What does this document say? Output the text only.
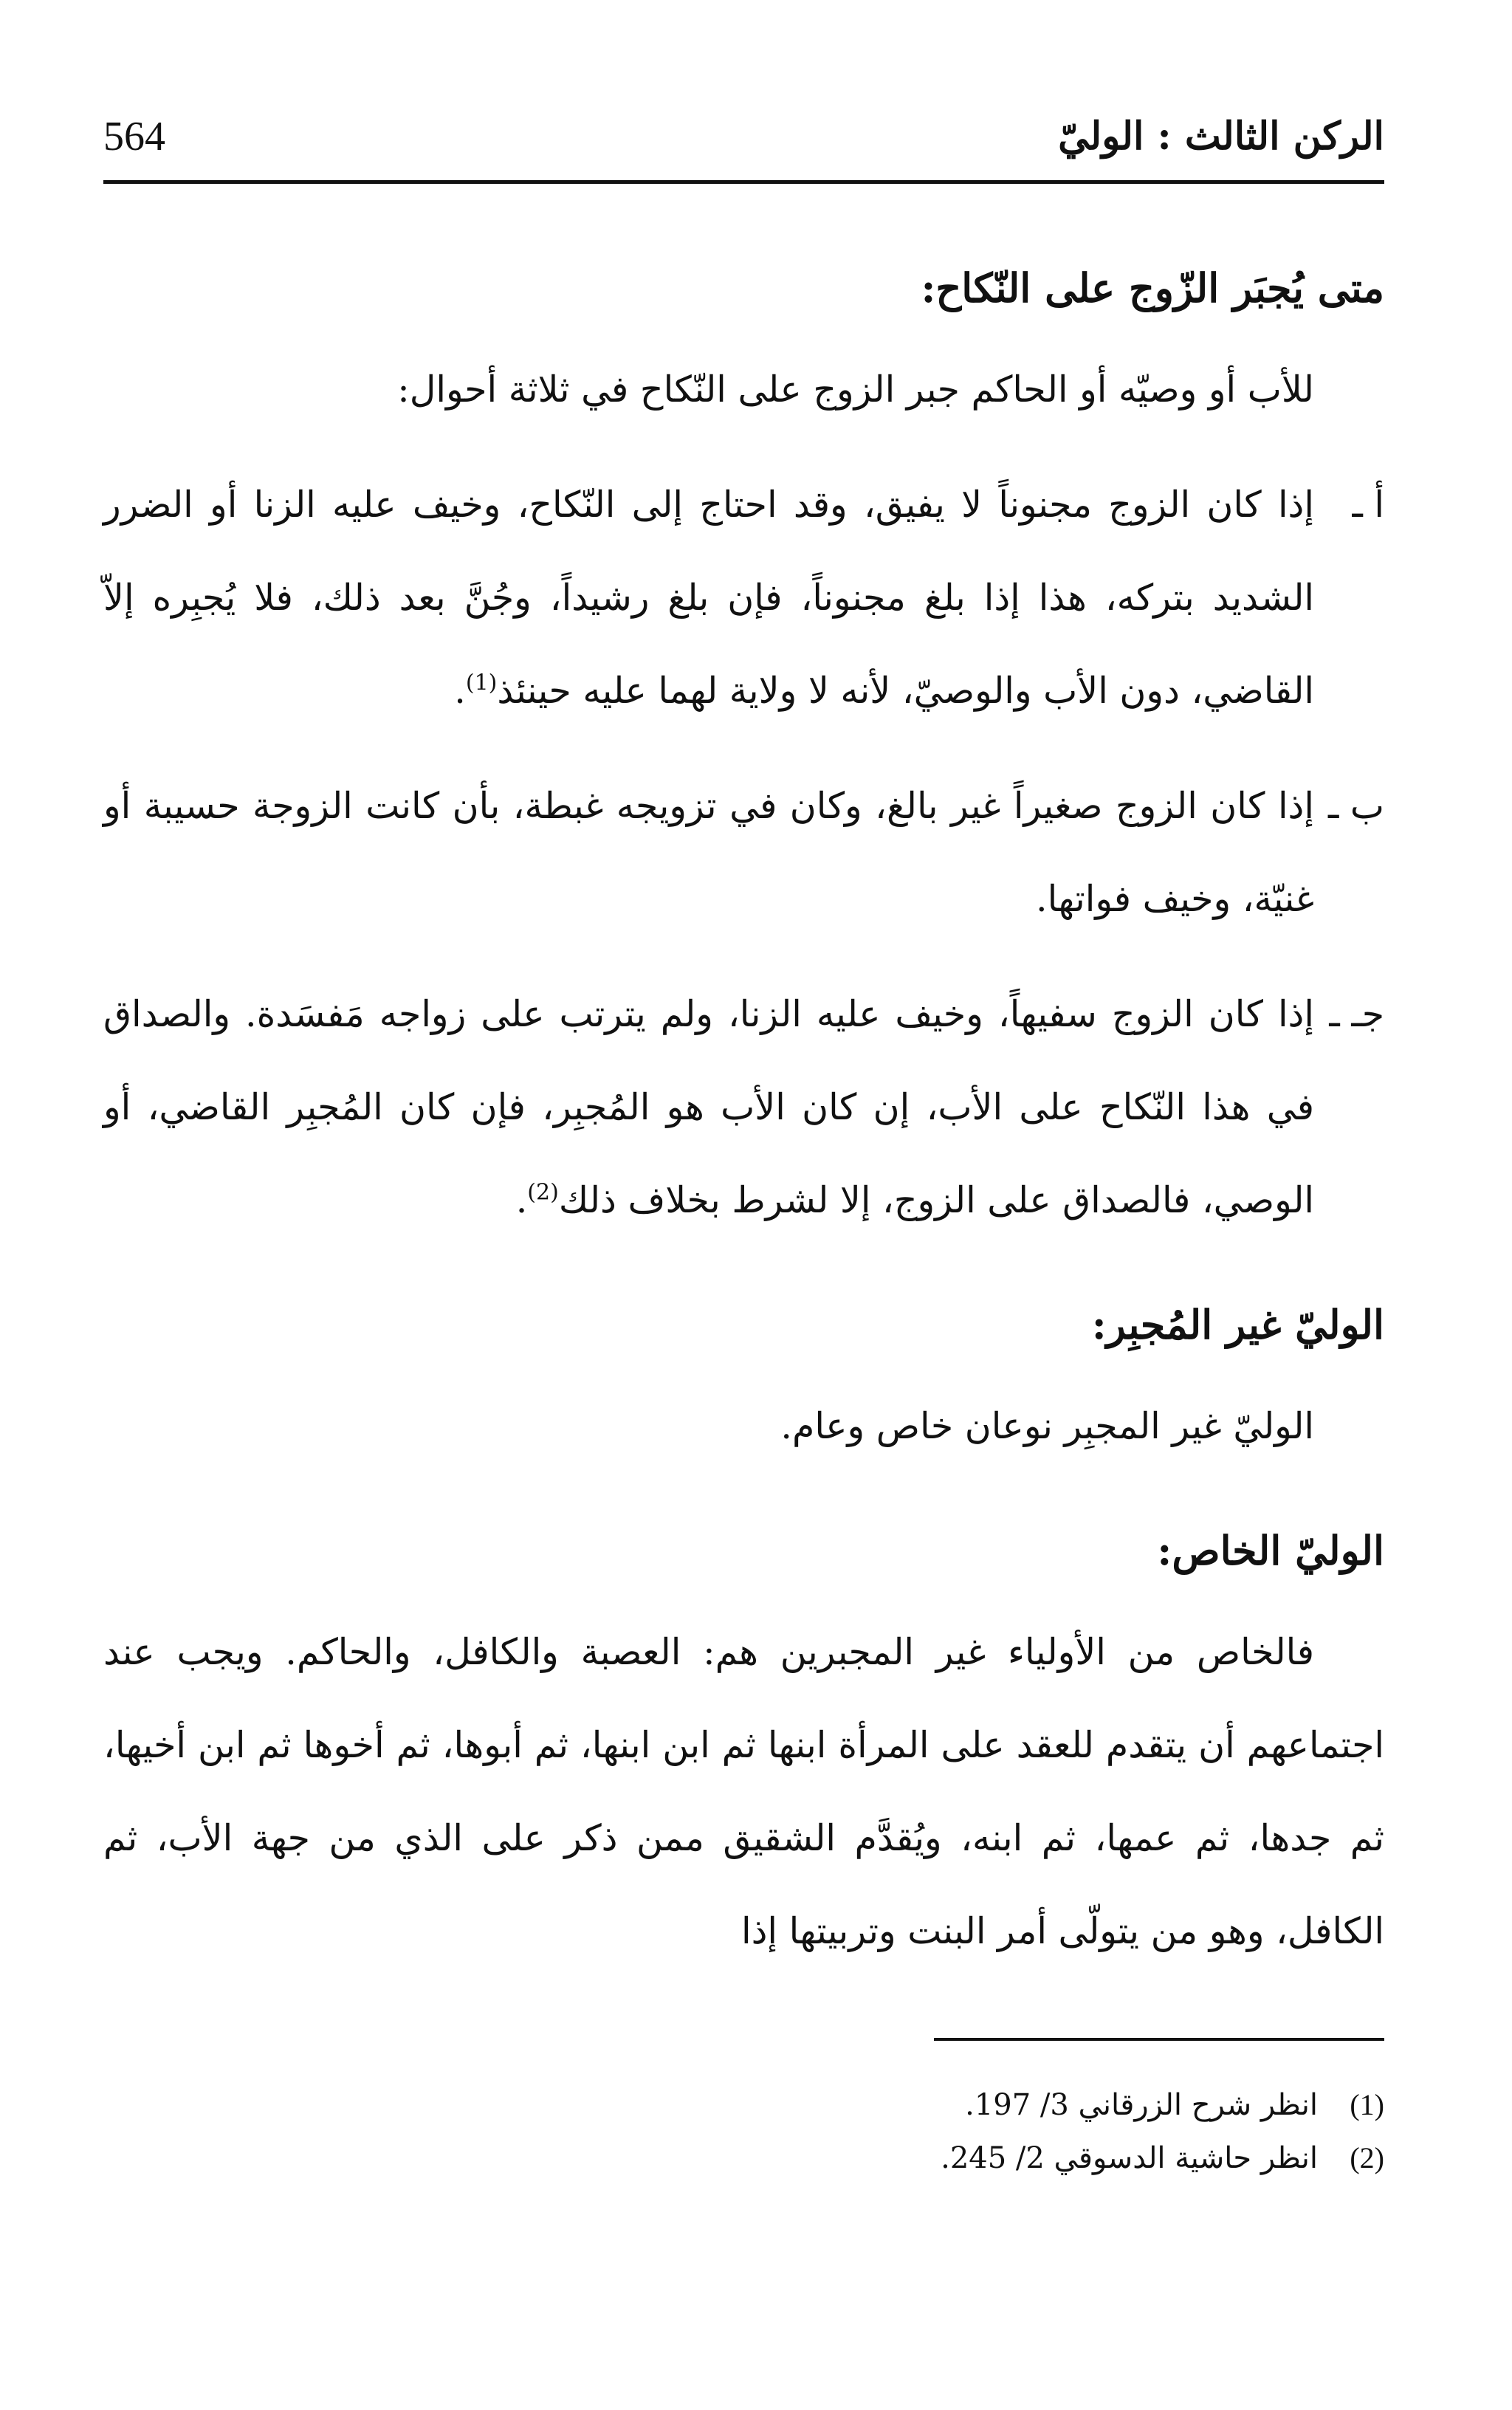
الركن الثالث : الوليّ
564
متى يُجبَر الزّوج على النّكاح:

للأب أو وصيّه أو الحاكم جبر الزوج على النّكاح في ثلاثة أحوال:

أ ـ
إذا كان الزوج مجنوناً لا يفيق، وقد احتاج إلى النّكاح، وخيف عليه الزنا أو الضرر الشديد بتركه، هذا إذا بلغ مجنوناً، فإن بلغ رشيداً، وجُنَّ بعد ذلك، فلا يُجبِره إلاّ القاضي، دون الأب والوصيّ، لأنه لا ولاية لهما عليه حينئذ$^{(1)}$.
ب ـ
إذا كان الزوج صغيراً غير بالغ، وكان في تزويجه غبطة، بأن كانت الزوجة حسيبة أو غنيّة، وخيف فواتها.
جـ ـ
إذا كان الزوج سفيهاً، وخيف عليه الزنا، ولم يترتب على زواجه مَفسَدة. والصداق في هذا النّكاح على الأب، إن كان الأب هو المُجبِر، فإن كان المُجبِر القاضي، أو الوصي، فالصداق على الزوج، إلا لشرط بخلاف ذلك$^{(2)}$.
الوليّ غير المُجبِر:

الوليّ غير المجبِر نوعان خاص وعام.

الوليّ الخاص:

فالخاص من الأولياء غير المجبرين هم: العصبة والكافل، والحاكم. ويجب عند اجتماعهم أن يتقدم للعقد على المرأة ابنها ثم ابن ابنها، ثم أبوها، ثم أخوها ثم ابن أخيها، ثم جدها، ثم عمها، ثم ابنه، ويُقدَّم الشقيق ممن ذكر على الذي من جهة الأب، ثم الكافل، وهو من يتولّى أمر البنت وتربيتها إذا

(1)
انظر شرح الزرقاني 3/ 197.
(2)
انظر حاشية الدسوقي 2/ 245.
